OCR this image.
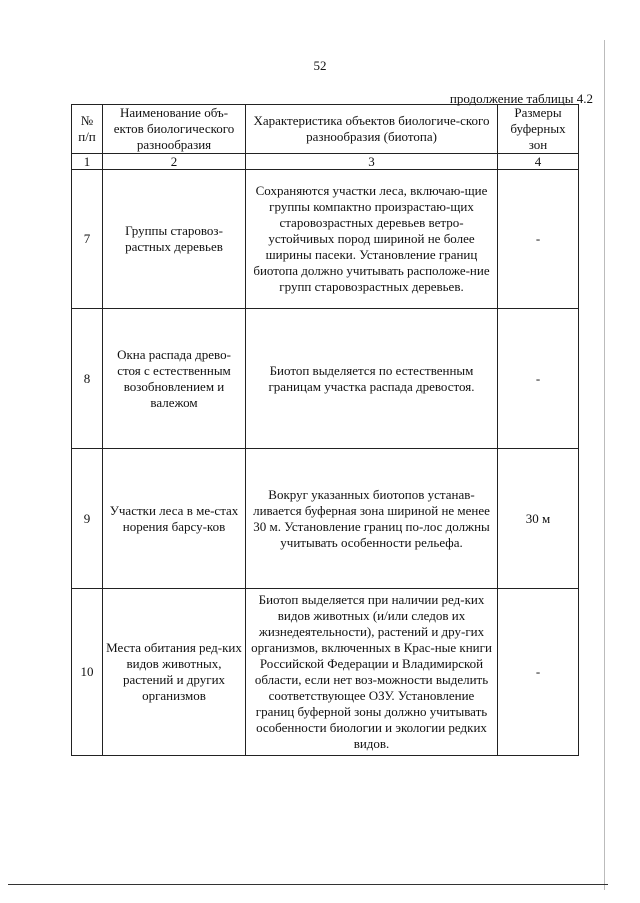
52
продолжение таблицы 4.2
№ п/п	Наименование объ-ектов биологического разнообразия	Характеристика объектов биологиче-ского разнообразия (биотопа)	Размеры буферных зон
1	2	3	4
7	Группы старовоз-растных деревьев	Сохраняются участки леса, включаю-щие группы компактно произрастаю-щих старовозрастных деревьев ветро-устойчивых пород шириной не более ширины пасеки. Установление границ биотопа должно учитывать расположе-ние групп старовозрастных деревьев.	-
8	Окна распада древо-стоя с естественным возобновлением и валежом	Биотоп выделяется по естественным границам участка распада древостоя.	-
9	Участки леса в ме-стах норения барсу-ков	Вокруг указанных биотопов устанав-ливается буферная зона шириной не менее 30 м. Установление границ по-лос должны учитывать особенности рельефа.	30 м
10	Места обитания ред-ких видов животных, растений и других организмов	Биотоп выделяется при наличии ред-ких видов животных (и/или следов их жизнедеятельности), растений и дру-гих организмов, включенных в Крас-ные книги Российской Федерации и Владимирской области, если нет воз-можности выделить соответствующее ОЗУ. Установление границ буферной зоны должно учитывать особенности биологии и экологии редких видов.	-
